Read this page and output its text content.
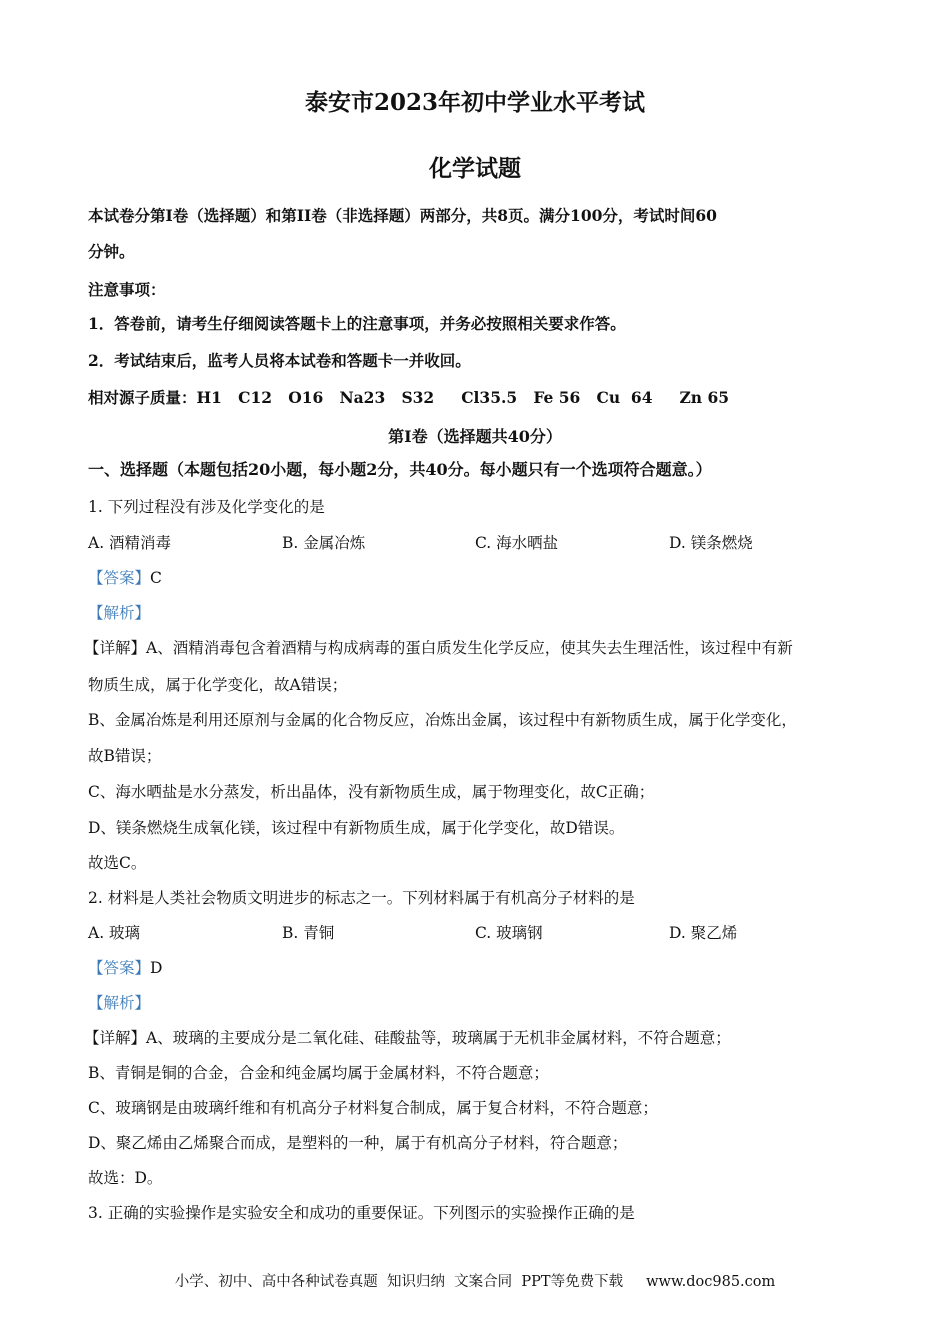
泰安市2023年初中学业水平考试
化学试题
本试卷分第I卷（选择题）和第II卷（非选择题）两部分，共8页。满分100分，考试时间60
分钟。
注意事项：
1．答卷前，请考生仔细阅读答题卡上的注意事项，并务必按照相关要求作答。
2．考试结束后，监考人员将本试卷和答题卡一并收回。
相对源子质量：H1   C12   O16   Na23   S32     Cl35.5   Fe 56   Cu  64     Zn 65
第I卷（选择题共40分）
一、选择题（本题包括20小题，每小题2分，共40分。每小题只有一个选项符合题意。）
1. 下列过程没有涉及化学变化的是
A. 酒精消毒	B. 金属冶炼	C. 海水晒盐	D. 镁条燃烧
【答案】C
【解析】
【详解】A、酒精消毒包含着酒精与构成病毒的蛋白质发生化学反应，使其失去生理活性，该过程中有新
物质生成，属于化学变化，故A错误；
B、金属冶炼是利用还原剂与金属的化合物反应，冶炼出金属，该过程中有新物质生成，属于化学变化，
故B错误；
C、海水晒盐是水分蒸发，析出晶体，没有新物质生成，属于物理变化，故C正确；
D、镁条燃烧生成氧化镁，该过程中有新物质生成，属于化学变化，故D错误。
故选C。
2. 材料是人类社会物质文明进步的标志之一。下列材料属于有机高分子材料的是
A. 玻璃	B. 青铜	C. 玻璃钢	D. 聚乙烯
【答案】D
【解析】
【详解】A、玻璃的主要成分是二氧化硅、硅酸盐等，玻璃属于无机非金属材料，不符合题意；
B、青铜是铜的合金，合金和纯金属均属于金属材料，不符合题意；
C、玻璃钢是由玻璃纤维和有机高分子材料复合制成，属于复合材料，不符合题意；
D、聚乙烯由乙烯聚合而成，是塑料的一种，属于有机高分子材料，符合题意；
故选：D。
3. 正确的实验操作是实验安全和成功的重要保证。下列图示的实验操作正确的是
小学、初中、高中各种试卷真题  知识归纳  文案合同  PPT等免费下载     www.doc985.com
